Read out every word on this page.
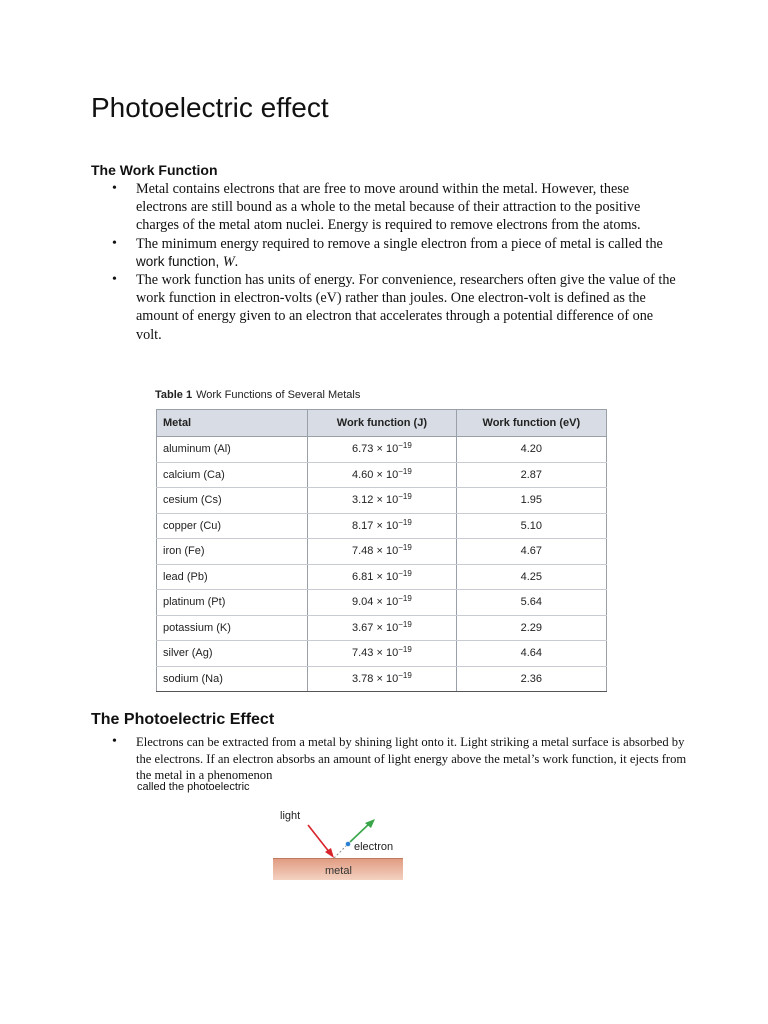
Photoelectric effect
The Work Function
• Metal contains electrons that are free to move around within the metal. However, these electrons are still bound as a whole to the metal because of their attraction to the positive charges of the metal atom nuclei. Energy is required to remove electrons from the atoms.
• The minimum energy required to remove a single electron from a piece of metal is called the work function, W.
• The work function has units of energy. For convenience, researchers often give the value of the work function in electron-volts (eV) rather than joules. One electron-volt is defined as the amount of energy given to an electron that accelerates through a potential difference of one volt.
Table 1 Work Functions of Several Metals
Metal	Work function (J)	Work function (eV)
aluminum (Al)	$6.73 \times 10^{-19}$	4.20
calcium (Ca)	$4.60 \times 10^{-19}$	2.87
cesium (Cs)	$3.12 \times 10^{-19}$	1.95
copper (Cu)	$8.17 \times 10^{-19}$	5.10
iron (Fe)	$7.48 \times 10^{-19}$	4.67
lead (Pb)	$6.81 \times 10^{-19}$	4.25
platinum (Pt)	$9.04 \times 10^{-19}$	5.64
potassium (K)	$3.67 \times 10^{-19}$	2.29
silver (Ag)	$7.43 \times 10^{-19}$	4.64
sodium (Na)	$3.78 \times 10^{-19}$	2.36
The Photoelectric Effect
• Electrons can be extracted from a metal by shining light onto it. Light striking a metal surface is absorbed by the electrons. If an electron absorbs an amount of light energy above the metal’s work function, it ejects from the metal in a phenomenon
called the photoelectric
light
electron
metal
